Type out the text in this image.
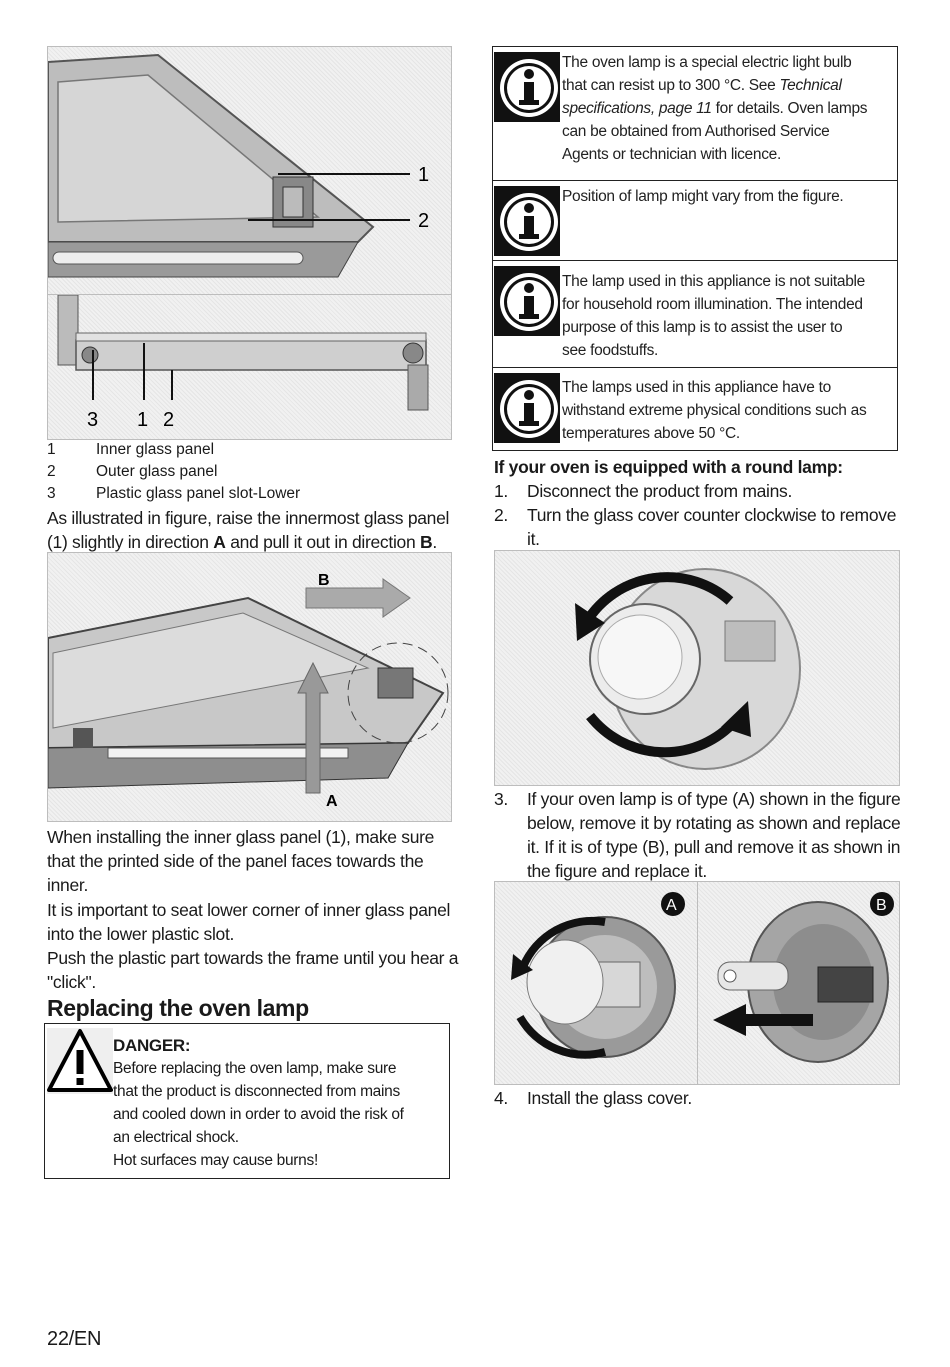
1
2
3 1 2
1	Inner glass panel
2	Outer glass panel
3	Plastic glass panel slot-Lower
As illustrated in figure, raise the innermost glass panel (1) slightly in direction A and pull it out in direction B.
B
A
When installing the inner glass panel (1), make sure that the printed side of the panel faces towards the inner.
It is important to seat lower corner of inner glass panel into the lower plastic slot.
Push the plastic part towards the frame until you hear a "click".
Replacing the oven lamp
DANGER:
Before replacing the oven lamp, make sure
that the product is disconnected from mains
and cooled down in order to avoid the risk of
an electrical shock.
Hot surfaces may cause burns!
22/EN
The oven lamp is a special electric light bulb
that can resist up to 300 °C. See Technical
specifications, page 11 for details. Oven lamps
can be obtained from Authorised Service
Agents or technician with licence.
Position of lamp might vary from the figure.
The lamp used in this appliance is not suitable
for household room illumination. The intended
purpose of this lamp is to assist the user to
see foodstuffs.
The lamps used in this appliance have to
withstand extreme physical conditions such as
temperatures above 50 °C.
If your oven is equipped with a round lamp:
1. Disconnect the product from mains.
2. Turn the glass cover counter clockwise to remove it.
3. If your oven lamp is of type (A) shown in the figure below, remove it by rotating as shown and replace it. If it is of type (B), pull and remove it as shown in the figure and replace it.
A	B
4. Install the glass cover.
